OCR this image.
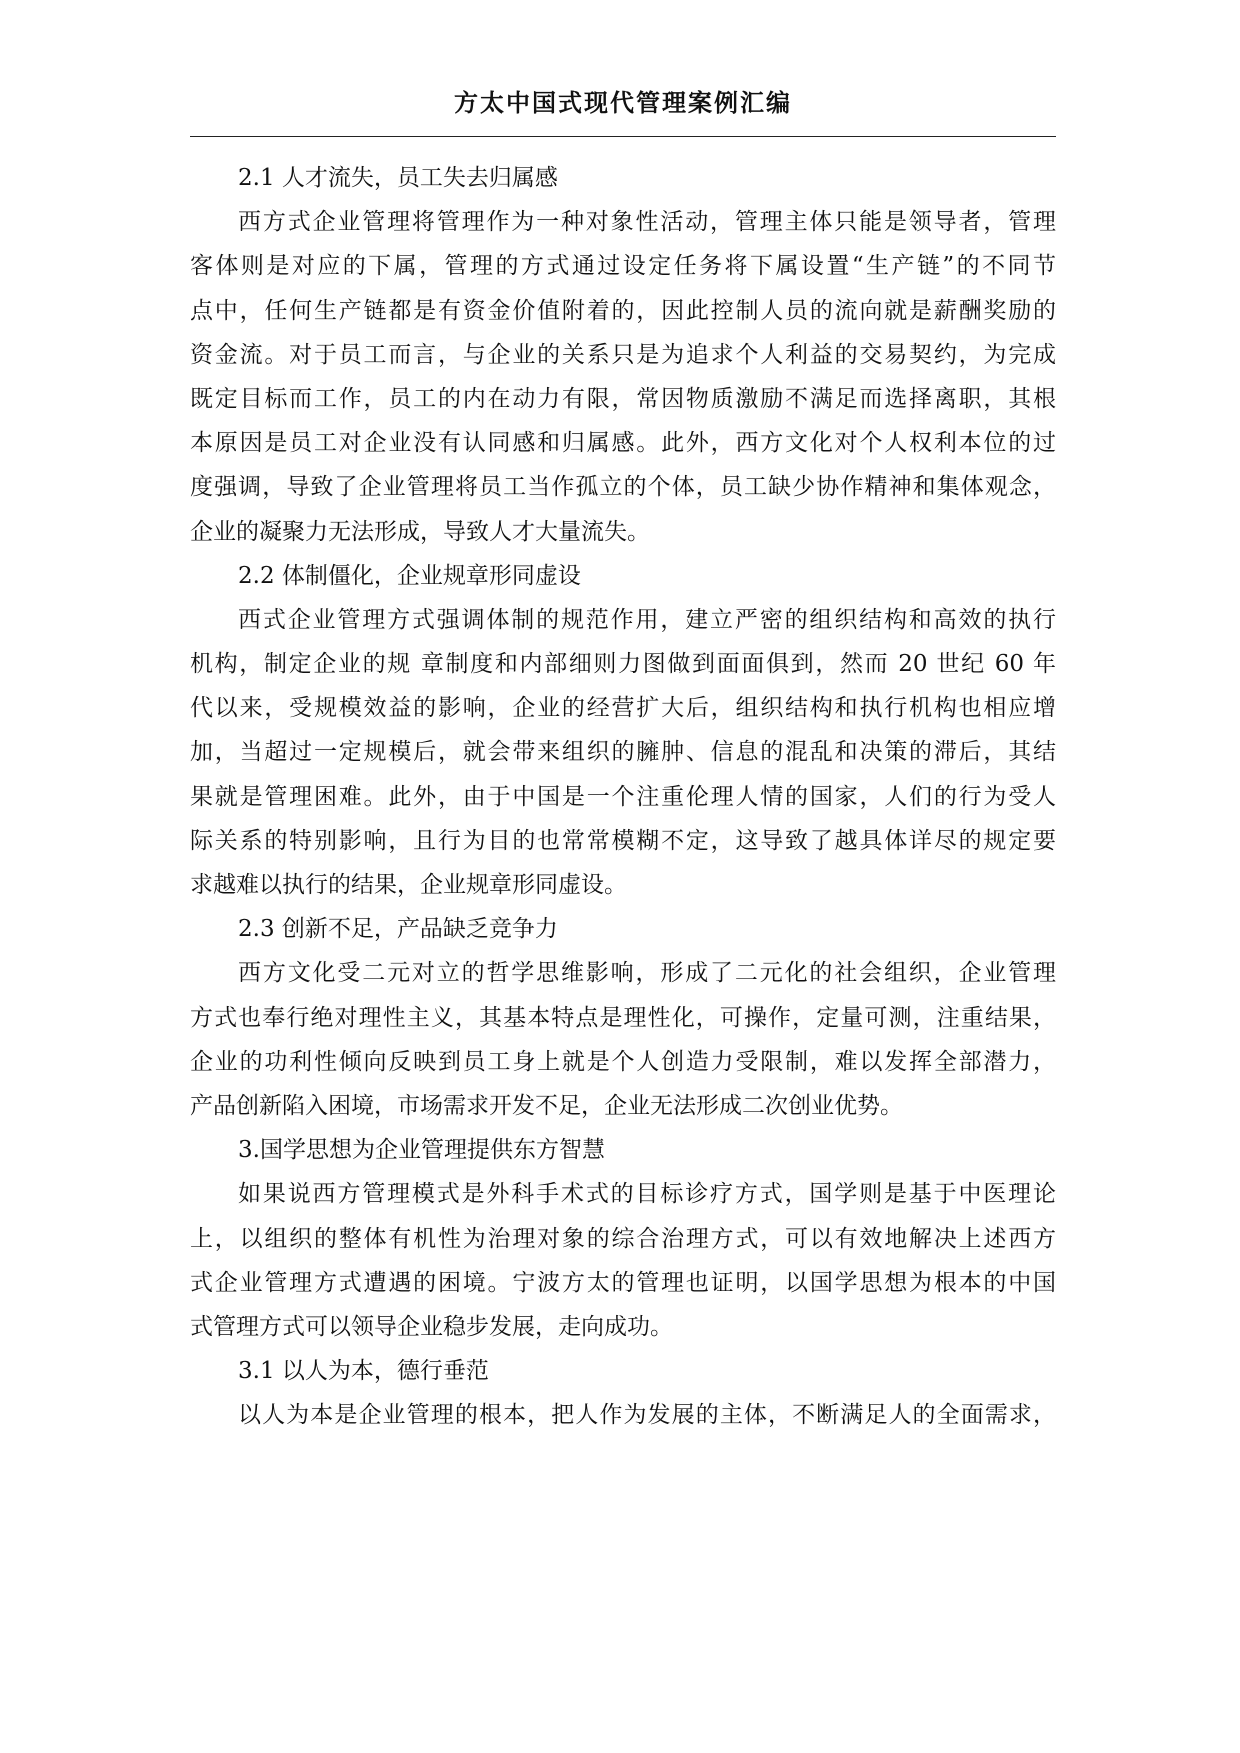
方太中国式现代管理案例汇编
2.1 人才流失，员工失去归属感
西方式企业管理将管理作为一种对象性活动，管理主体只能是领导者，管理
客体则是对应的下属，管理的方式通过设定任务将下属设置“生产链”的不同节
点中，任何生产链都是有资金价值附着的，因此控制人员的流向就是薪酬奖励的
资金流。对于员工而言，与企业的关系只是为追求个人利益的交易契约，为完成
既定目标而工作，员工的内在动力有限，常因物质激励不满足而选择离职，其根
本原因是员工对企业没有认同感和归属感。此外，西方文化对个人权利本位的过
度强调，导致了企业管理将员工当作孤立的个体，员工缺少协作精神和集体观念，
企业的凝聚力无法形成，导致人才大量流失。
2.2 体制僵化，企业规章形同虚设
西式企业管理方式强调体制的规范作用，建立严密的组织结构和高效的执行
机构，制定企业的规 章制度和内部细则力图做到面面俱到，然而 20 世纪 60 年
代以来，受规模效益的影响，企业的经营扩大后，组织结构和执行机构也相应增
加，当超过一定规模后，就会带来组织的臃肿、信息的混乱和决策的滞后，其结
果就是管理困难。此外，由于中国是一个注重伦理人情的国家，人们的行为受人
际关系的特别影响，且行为目的也常常模糊不定，这导致了越具体详尽的规定要
求越难以执行的结果，企业规章形同虚设。
2.3 创新不足，产品缺乏竞争力
西方文化受二元对立的哲学思维影响，形成了二元化的社会组织，企业管理
方式也奉行绝对理性主义，其基本特点是理性化，可操作，定量可测，注重结果，
企业的功利性倾向反映到员工身上就是个人创造力受限制，难以发挥全部潜力，
产品创新陷入困境，市场需求开发不足，企业无法形成二次创业优势。
3.国学思想为企业管理提供东方智慧
如果说西方管理模式是外科手术式的目标诊疗方式，国学则是基于中医理论
上，以组织的整体有机性为治理对象的综合治理方式，可以有效地解决上述西方
式企业管理方式遭遇的困境。宁波方太的管理也证明，以国学思想为根本的中国
式管理方式可以领导企业稳步发展，走向成功。
3.1 以人为本，德行垂范
以人为本是企业管理的根本，把人作为发展的主体，不断满足人的全面需求，
